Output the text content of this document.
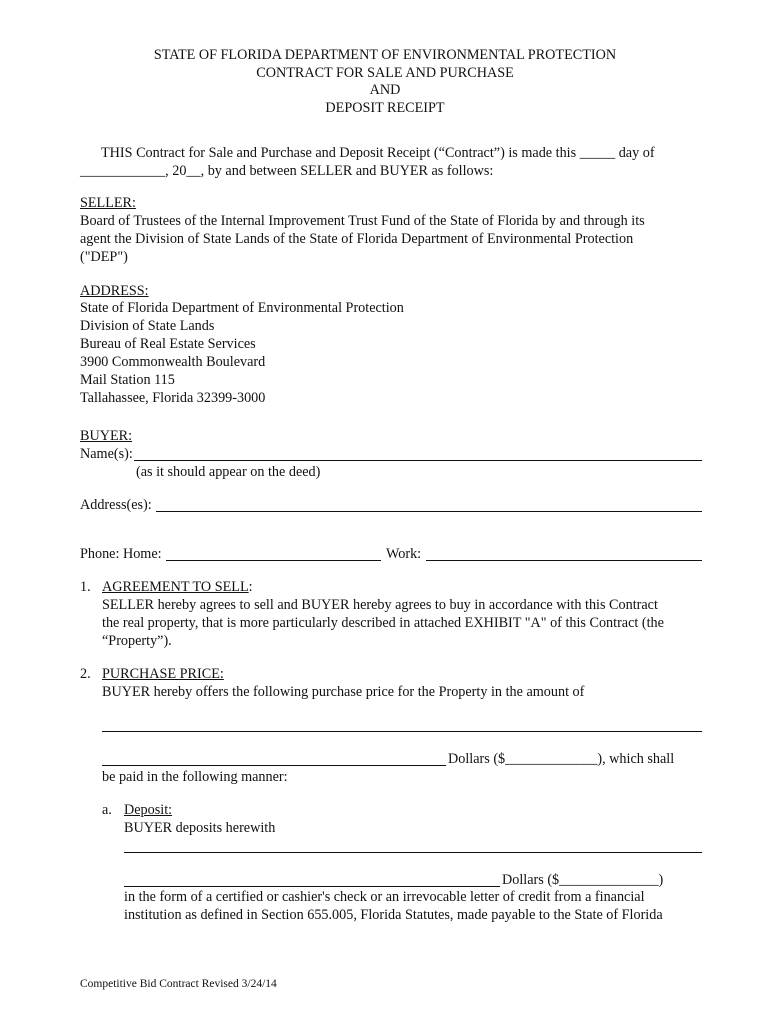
STATE OF FLORIDA DEPARTMENT OF ENVIRONMENTAL PROTECTION
CONTRACT FOR SALE AND PURCHASE
AND
DEPOSIT RECEIPT
THIS Contract for Sale and Purchase and Deposit Receipt (“Contract”) is made this _____ day of
____________, 20__, by and between SELLER and BUYER as follows:
SELLER:
Board of Trustees of the Internal Improvement Trust Fund of the State of Florida by and through its
agent the Division of State Lands of the State of Florida Department of Environmental Protection
("DEP")
ADDRESS:
State of Florida Department of Environmental Protection
Division of State Lands
Bureau of Real Estate Services
3900 Commonwealth Boulevard
Mail Station 115
Tallahassee, Florida 32399-3000
BUYER:
Name(s):
(as it should appear on the deed)
Address(es):
Phone: Home:	Work:
1. AGREEMENT TO SELL:
SELLER hereby agrees to sell and BUYER hereby agrees to buy in accordance with this Contract
the real property, that is more particularly described in attached EXHIBIT "A" of this Contract (the
“Property”).
2. PURCHASE PRICE:
BUYER hereby offers the following purchase price for the Property in the amount of
Dollars ($_____________), which shall
be paid in the following manner:
a. Deposit:
BUYER deposits herewith
Dollars ($______________)
in the form of a certified or cashier's check or an irrevocable letter of credit from a financial
institution as defined in Section 655.005, Florida Statutes, made payable to the State of Florida
Competitive Bid Contract Revised 3/24/14
